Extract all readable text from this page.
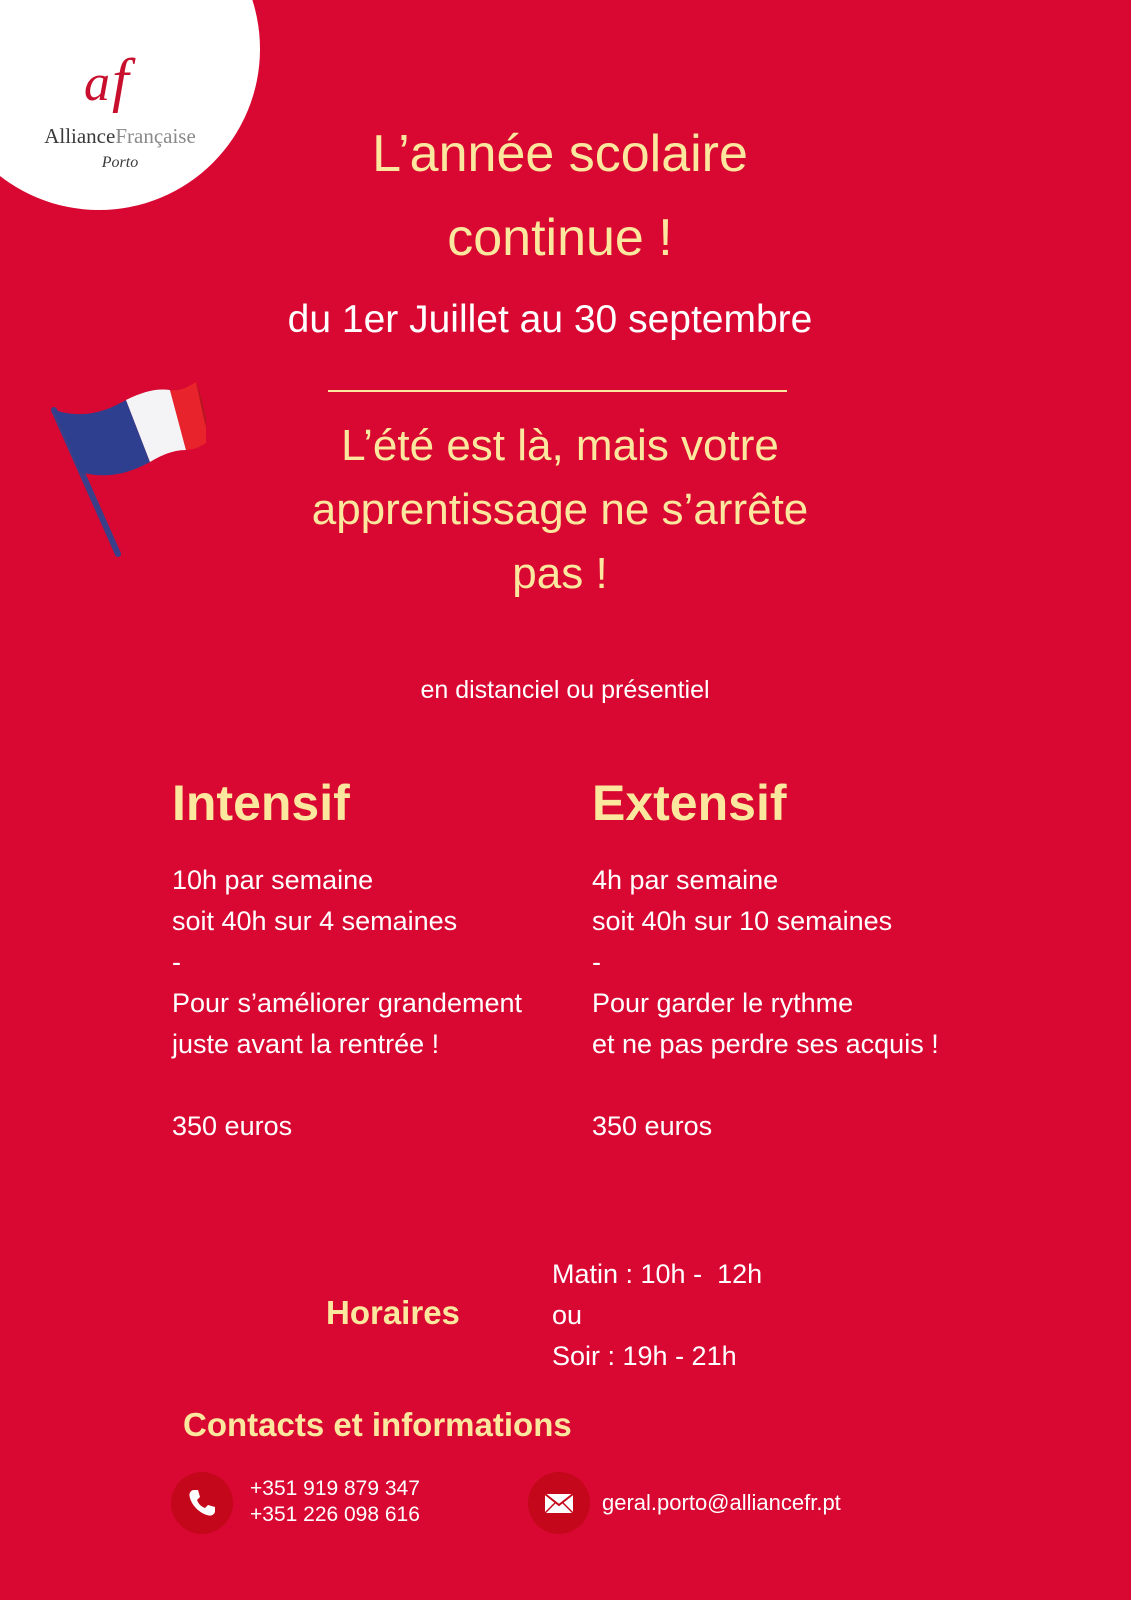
a f
AllianceFrançaise
Porto	L’année scolaire
continue !
du 1er Juillet au 30 septembre
L’été est là, mais votre
apprentissage ne s’arrête
pas !
en distanciel ou présentiel
Intensif
10h par semaine
soit 40h sur 4 semaines
-
Pour s’améliorer grandement juste avant la rentrée !
350 euros
Extensif
4h par semaine
soit 40h sur 10 semaines
-
Pour garder le rythme
et ne pas perdre ses acquis !
350 euros
Horaires
Matin : 10h -  12h
ou
Soir : 19h - 21h
Contacts et informations
+351 919 879 347
+351 226 098 616	geral.porto@alliancefr.pt
